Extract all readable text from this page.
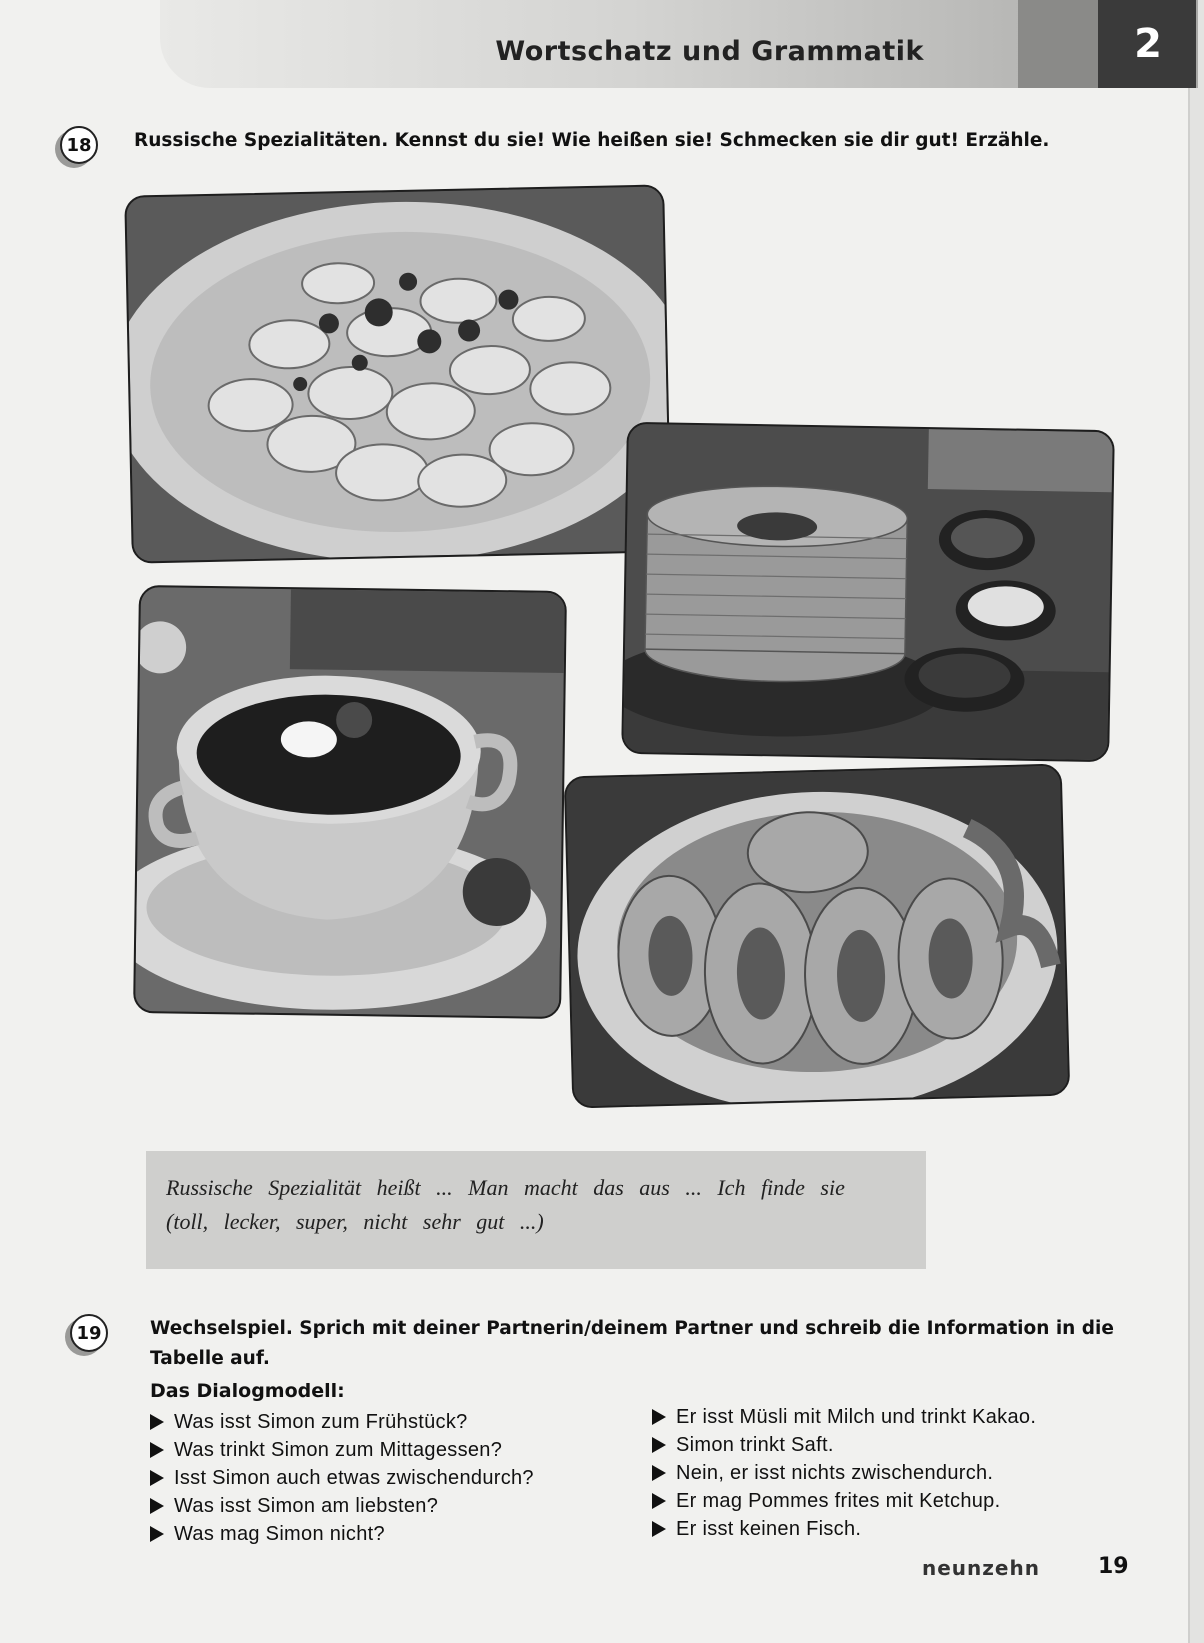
Wortschatz und Grammatik	2
18	Russische Spezialitäten. Kennst du sie! Wie heißen sie! Schmecken sie dir gut! Erzähle.
Russische Spezialität heißt ... Man macht das aus ... Ich finde sie
(toll, lecker, super, nicht sehr gut ...)
19	Wechselspiel. Sprich mit deiner Partnerin/deinem Partner und schreib die Information in die
Tabelle auf.
Das Dialogmodell:
Was isst Simon zum Frühstück?
Was trinkt Simon zum Mittagessen?
Isst Simon auch etwas zwischendurch?
Was isst Simon am liebsten?
Was mag Simon nicht?
Er isst Müsli mit Milch und trinkt Kakao.
Simon trinkt Saft.
Nein, er isst nichts zwischendurch.
Er mag Pommes frites mit Ketchup.
Er isst keinen Fisch.
neunzehn	19
